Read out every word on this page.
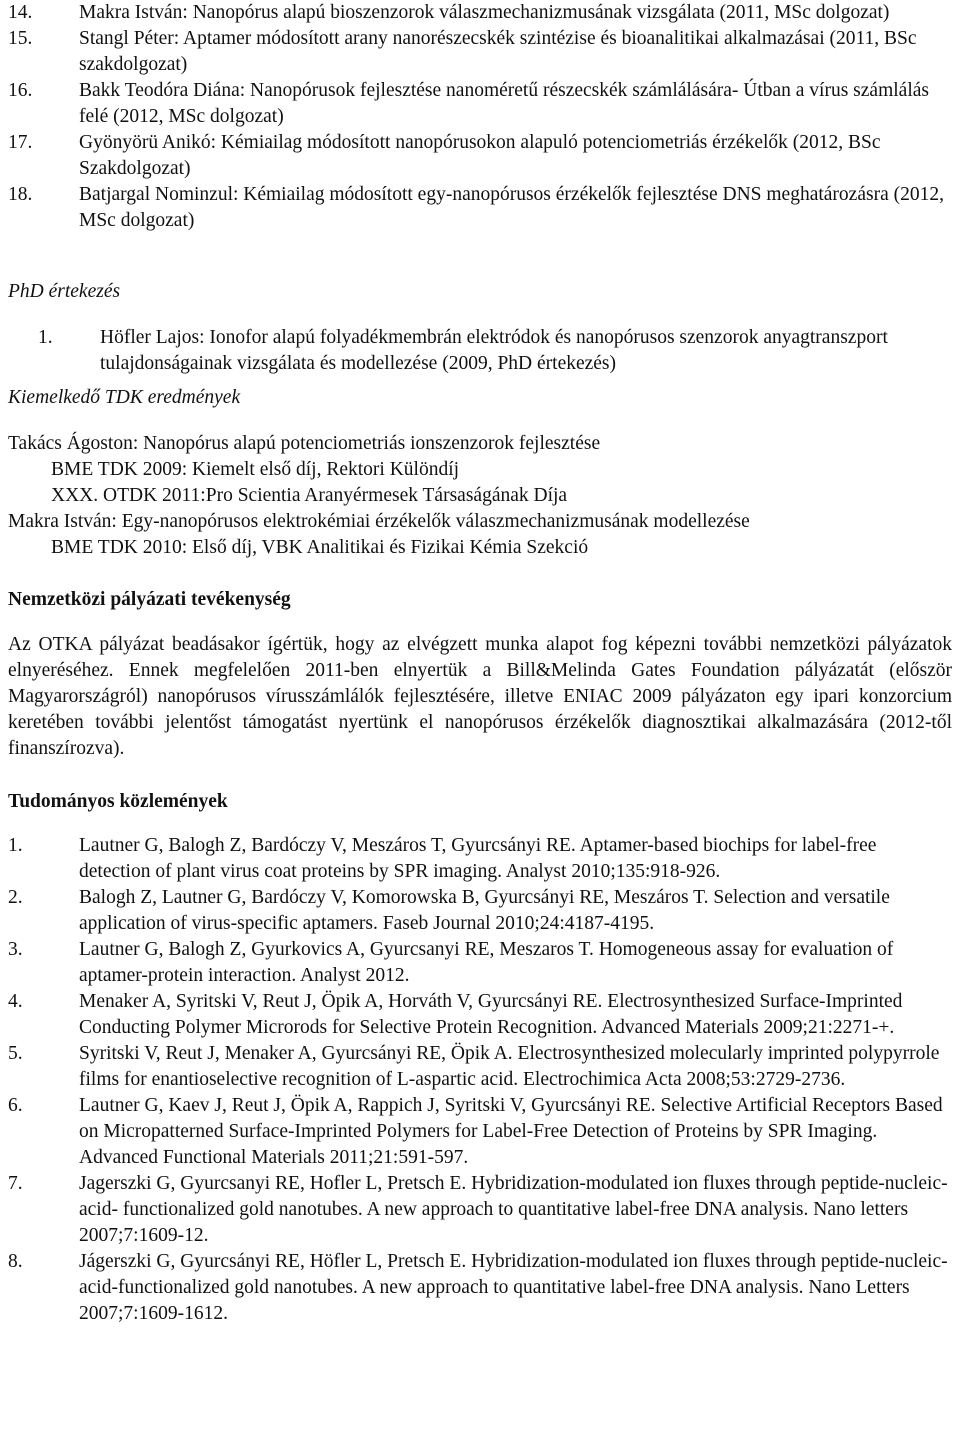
14.	Makra István: Nanopórus alapú bioszenzorok válaszmechanizmusának vizsgálata (2011, MSc dolgozat)
15.	Stangl Péter: Aptamer módosított arany nanorészecskék szintézise és bioanalitikai alkalmazásai (2011, BSc szakdolgozat)
16.	Bakk Teodóra Diána: Nanopórusok fejlesztése nanoméretű részecskék számlálására- Útban a vírus számlálás felé (2012, MSc dolgozat)
17.	Gyönyörü Anikó: Kémiailag módosított nanopórusokon alapuló potenciometriás érzékelők (2012, BSc Szakdolgozat)
18.	Batjargal Nominzul: Kémiailag módosított egy-nanopórusos érzékelők fejlesztése DNS meghatározásra (2012, MSc dolgozat)

PhD értekezés

1.	Höfler Lajos: Ionofor alapú folyadékmembrán elektródok és nanopórusos szenzorok anyagtranszport tulajdonságainak vizsgálata és modellezése (2009, PhD értekezés)

Kiemelkedő TDK eredmények

Takács Ágoston: Nanopórus alapú potenciometriás ionszenzorok fejlesztése

BME TDK 2009: Kiemelt első díj, Rektori Különdíj

XXX. OTDK 2011:Pro Scientia Aranyérmesek Társaságának Díja

Makra István: Egy-nanopórusos elektrokémiai érzékelők válaszmechanizmusának modellezése

BME TDK 2010: Első díj, VBK Analitikai és Fizikai Kémia Szekció

Nemzetközi pályázati tevékenység

Az OTKA pályázat beadásakor ígértük, hogy az elvégzett munka alapot fog képezni további nemzetközi pályázatok elnyeréséhez. Ennek megfelelően 2011-ben elnyertük a Bill&Melinda Gates Foundation pályázatát (először Magyarországról) nanopórusos vírusszámlálók fejlesztésére, illetve ENIAC 2009 pályázaton egy ipari konzorcium keretében további jelentőst támogatást nyertünk el nanopórusos érzékelők diagnosztikai alkalmazására (2012-től finanszírozva).

Tudományos közlemények

1.	Lautner G, Balogh Z, Bardóczy V, Meszáros T, Gyurcsányi RE. Aptamer-based biochips for label-free detection of plant virus coat proteins by SPR imaging. Analyst 2010;135:918-926.
2.	Balogh Z, Lautner G, Bardóczy V, Komorowska B, Gyurcsányi RE, Meszáros T. Selection and versatile application of virus-specific aptamers. Faseb Journal 2010;24:4187-4195.
3.	Lautner G, Balogh Z, Gyurkovics A, Gyurcsanyi RE, Meszaros T. Homogeneous assay for evaluation of aptamer-protein interaction. Analyst 2012.
4.	Menaker A, Syritski V, Reut J, Öpik A, Horváth V, Gyurcsányi RE. Electrosynthesized Surface-Imprinted Conducting Polymer Microrods for Selective Protein Recognition. Advanced Materials 2009;21:2271-+.
5.	Syritski V, Reut J, Menaker A, Gyurcsányi RE, Öpik A. Electrosynthesized molecularly imprinted polypyrrole films for enantioselective recognition of L-aspartic acid. Electrochimica Acta 2008;53:2729-2736.
6.	Lautner G, Kaev J, Reut J, Öpik A, Rappich J, Syritski V, Gyurcsányi RE. Selective Artificial Receptors Based on Micropatterned Surface-Imprinted Polymers for Label-Free Detection of Proteins by SPR Imaging. Advanced Functional Materials 2011;21:591-597.
7.	Jagerszki G, Gyurcsanyi RE, Hofler L, Pretsch E. Hybridization-modulated ion fluxes through peptide-nucleic-acid- functionalized gold nanotubes. A new approach to quantitative label-free DNA analysis. Nano letters 2007;7:1609-12.
8.	Jágerszki G, Gyurcsányi RE, Höfler L, Pretsch E. Hybridization-modulated ion fluxes through peptide-nucleic-acid-functionalized gold nanotubes. A new approach to quantitative label-free DNA analysis. Nano Letters 2007;7:1609-1612.
